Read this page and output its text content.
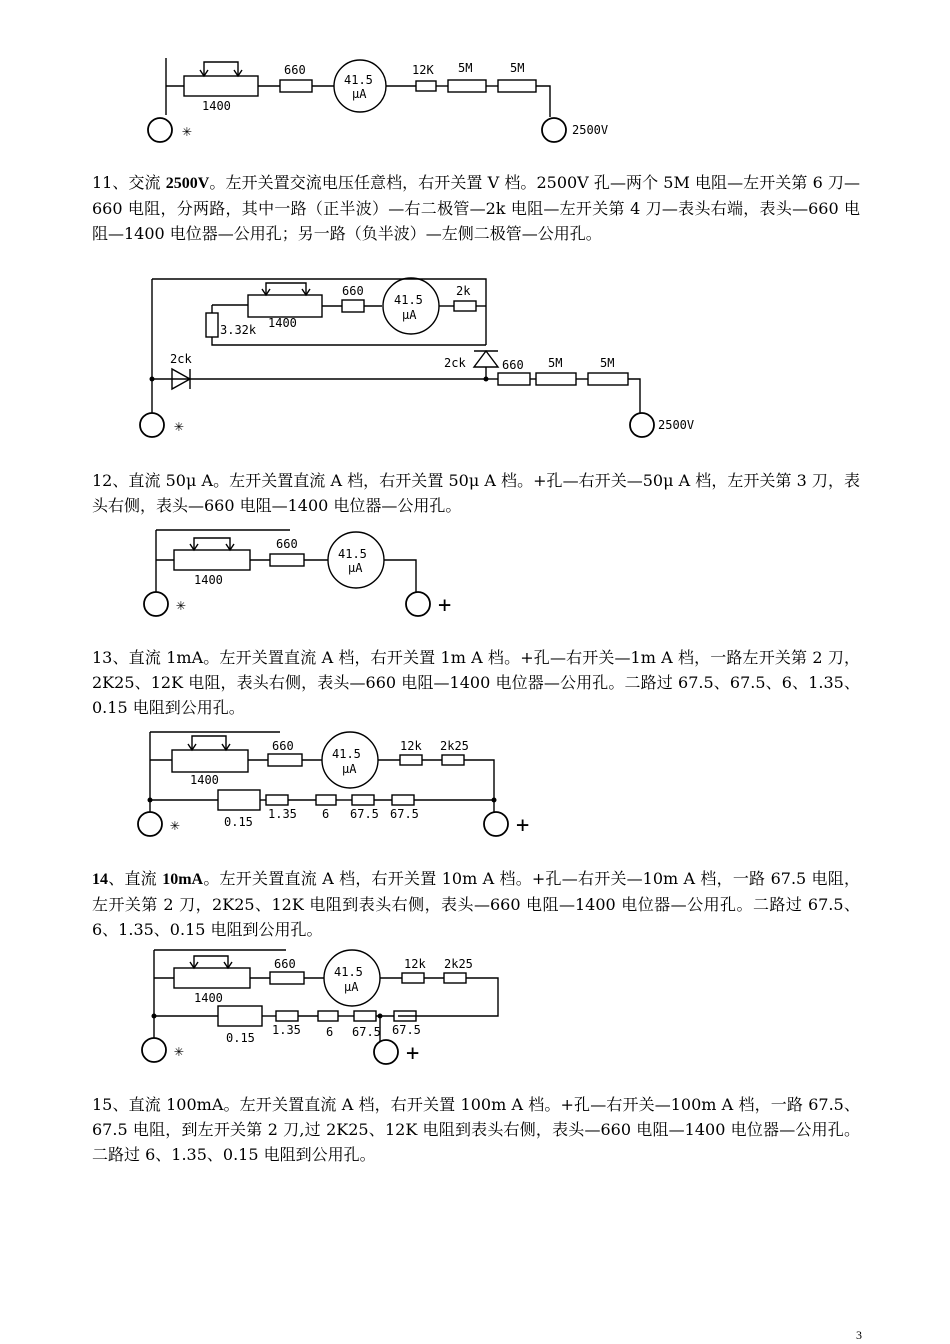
1400
660
41.5
μA
12K 5M	5M
✳	2500V

11、交流 2500V。左开关置交流电压任意档，右开关置 V 档。2500V 孔—两个 5M 电阻—左开关第 6 刀—660 电阻，分两路，其中一路（正半波）—右二极管—2k 电阻—左开关第 4 刀—表头右端，表头—660 电阻—1400 电位器—公用孔；另一路（负半波）—左侧二极管—公用孔。

1400
3.32k
660
41.5
μA
2k
2ck
2ck	660 5M	5M
✳	2500V

12、直流 50μ A。左开关置直流 A 档，右开关置 50μ A 档。+孔—右开关—50μ A 档，左开关第 3 刀，表头右侧，表头—660 电阻—1400 电位器—公用孔。

1400
660
41.5
μA
✳	+

13、直流 1mA。左开关置直流 A 档，右开关置 1m A 档。+孔—右开关—1m A 档，一路左开关第 2 刀，2K25、12K 电阻，表头右侧，表头—660 电阻—1400 电位器—公用孔。二路过 67.5、67.5、6、1.35、0.15 电阻到公用孔。

1400
660
41.5
μA
12k 2k25
0.15
1.35 6 67.5 67.5
✳	+

14、直流 10mA。左开关置直流 A 档，右开关置 10m A 档。+孔—右开关—10m A 档，一路 67.5 电阻，左开关第 2 刀，2K25、12K 电阻到表头右侧，表头—660 电阻—1400 电位器—公用孔。二路过 67.5、6、1.35、0.15 电阻到公用孔。

1400
660
41.5
μA
12k 2k25
0.15
1.35 6 67.5 67.5
✳	+

15、直流 100mA。左开关置直流 A 档，右开关置 100m A 档。+孔—右开关—100m A 档，一路 67.5、67.5 电阻，到左开关第 2 刀,过 2K25、12K 电阻到表头右侧，表头—660 电阻—1400 电位器—公用孔。二路过 6、1.35、0.15 电阻到公用孔。

3
